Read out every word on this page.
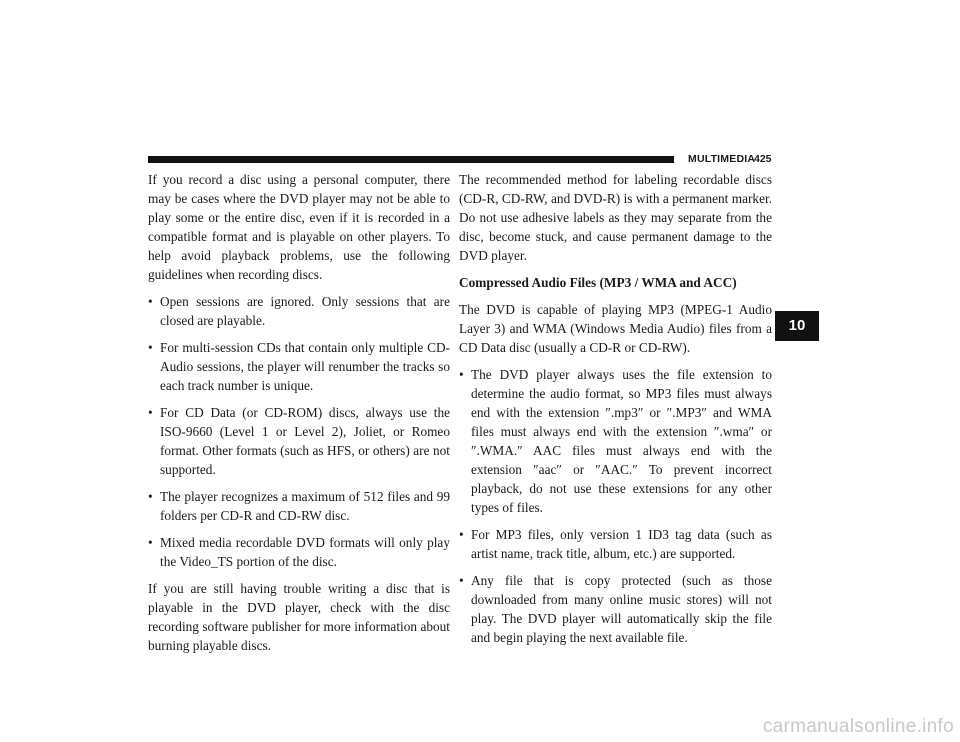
MULTIMEDIA
425
10

If you record a disc using a personal computer, there may be cases where the DVD player may not be able to play some or the entire disc, even if it is recorded in a compatible format and is playable on other players. To help avoid playback problems, use the following guidelines when recording discs.

• Open sessions are ignored. Only sessions that are closed are playable.
• For multi-session CDs that contain only multiple CD-Audio sessions, the player will renumber the tracks so each track number is unique.
• For CD Data (or CD-ROM) discs, always use the ISO-9660 (Level 1 or Level 2), Joliet, or Romeo format. Other formats (such as HFS, or others) are not supported.
• The player recognizes a maximum of 512 files and 99 folders per CD-R and CD-RW disc.
• Mixed media recordable DVD formats will only play the Video_TS portion of the disc.

If you are still having trouble writing a disc that is playable in the DVD player, check with the disc recording software publisher for more information about burning playable discs.

The recommended method for labeling recordable discs (CD-R, CD-RW, and DVD-R) is with a permanent marker. Do not use adhesive labels as they may separate from the disc, become stuck, and cause permanent damage to the DVD player.

Compressed Audio Files (MP3 / WMA and ACC)

The DVD is capable of playing MP3 (MPEG-1 Audio Layer 3) and WMA (Windows Media Audio) files from a CD Data disc (usually a CD-R or CD-RW).

• The DVD player always uses the file extension to determine the audio format, so MP3 files must always end with the extension ″.mp3″ or ″.MP3″ and WMA files must always end with the extension ″.wma″ or ″.WMA.″ AAC files must always end with the extension ″aac″ or ″AAC.″ To prevent incorrect playback, do not use these extensions for any other types of files.
• For MP3 files, only version 1 ID3 tag data (such as artist name, track title, album, etc.) are supported.
• Any file that is copy protected (such as those downloaded from many online music stores) will not play. The DVD player will automatically skip the file and begin playing the next available file.
carmanualsonline.info
